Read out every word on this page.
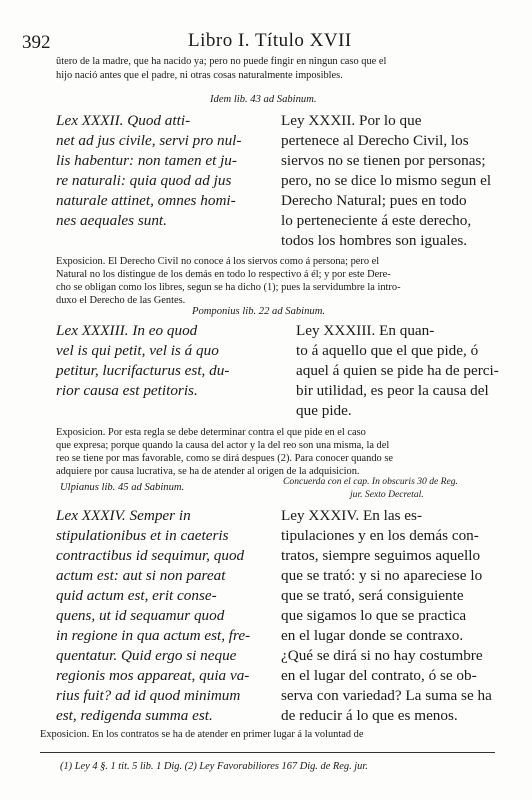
392	Libro I. Título XVII
ûtero de la madre, que ha nacido ya; pero no puede fingir en ningun caso que el
hijo nació antes que el padre, ni otras cosas naturalmente imposibles.
Idem lib. 43 ad Sabinum.
Lex XXXII. Quod atti-
net ad jus civile, servi pro nul-
lis habentur: non tamen et ju-
re naturali: quia quod ad jus
naturale attinet, omnes homi-
nes aequales sunt.
Ley XXXII. Por lo que
pertenece al Derecho Civil, los
siervos no se tienen por personas;
pero, no se dice lo mismo segun el
Derecho Natural; pues en todo
lo perteneciente á este derecho,
todos los hombres son iguales.
Exposicion. El Derecho Civil no conoce á los siervos como á persona; pero el
Natural no los distingue de los demás en todo lo respectivo á él; y por este Dere-
cho se obligan como los libres, segun se ha dicho (1); pues la servidumbre la intro-
duxo el Derecho de las Gentes.
Pomponius lib. 22 ad Sabinum.
Lex XXXIII. In eo quod
vel is qui petit, vel is á quo
petitur, lucrifacturus est, du-
rior causa est petitoris.
Ley XXXIII. En quan-
to á aquello que el que pide, ó
aquel á quien se pide ha de perci-
bir utilidad, es peor la causa del
que pide.
Exposicion. Por esta regla se debe determinar contra el que pide en el caso
que expresa; porque quando la causa del actor y la del reo son una misma, la del
reo se tiene por mas favorable, como se dirá despues (2). Para conocer quando se
adquiere por causa lucrativa, se ha de atender al origen de la adquisicion.
Ulpianus lib. 45 ad Sabinum.
Concuerda con el cap. In obscuris 30 de Reg.
jur. Sexto Decretal.
Lex XXXIV. Semper in
stipulationibus et in caeteris
contractibus id sequimur, quod
actum est: aut si non pareat
quid actum est, erit conse-
quens, ut id sequamur quod
in regione in qua actum est, fre-
quentatur. Quid ergo si neque
regionis mos appareat, quia va-
rius fuit? ad id quod minimum
est, redigenda summa est.
Ley XXXIV. En las es-
tipulaciones y en los demás con-
tratos, siempre seguimos aquello
que se trató: y si no apareciese lo
que se trató, será consiguiente
que sigamos lo que se practica
en el lugar donde se contraxo.
¿Qué se dirá si no hay costumbre
en el lugar del contrato, ó se ob-
serva con variedad? La suma se ha
de reducir á lo que es menos.
Exposicion. En los contratos se ha de atender en primer lugar á la voluntad de
(1) Ley 4 §. 1 tit. 5 lib. 1 Dig. (2) Ley Favorabiliores 167 Dig. de Reg. jur.
